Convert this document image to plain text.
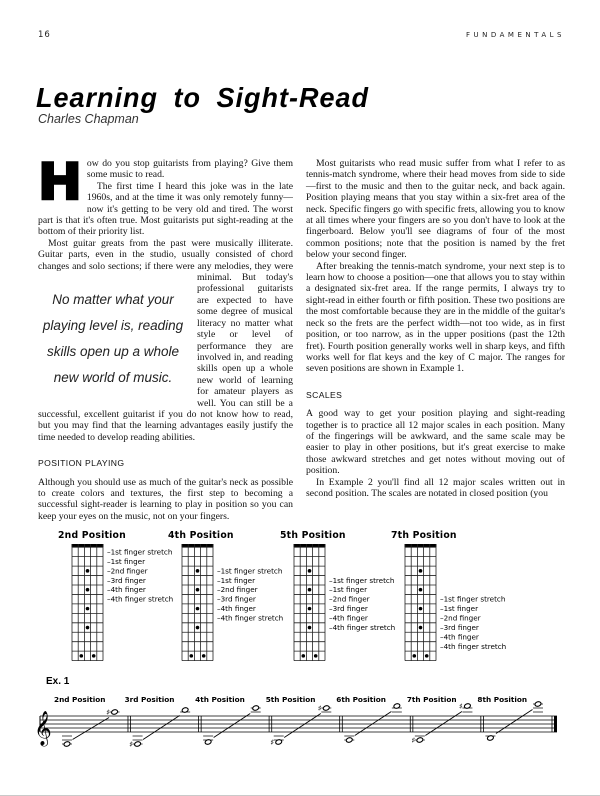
16	FUNDAMENTALS
Learning to Sight-Read
Charles Chapman

How do you stop guitarists from playing? Give them some music to read.

The first time I heard this joke was in the late 1960s, and at the time it was only remotely funny—now it's getting to be very old and tired. The worst part is that it's often true. Most guitarists put sight-reading at the bottom of their priority list.

Most guitar greats from the past were musically illiterate. Guitar parts, even in the studio, usually consisted of chord changes and solo sections; if there were any melodies, they
No matter what your
playing level is, reading
skills open up a whole
new world of music.
were minimal. But today's professional guitarists are expected to have some degree of musical literacy no matter what style or level of performance they are involved in, and reading skills open up a whole new world of learning for amateur players as well. You can still be a successful, excellent guitarist if you do not know how to read, but you may find that the learning advantages easily justify the time needed to develop reading abilities.

POSITION PLAYING

Although you should use as much of the guitar's neck as possible to create colors and textures, the first step to becoming a successful sight-reader is learning to play in position so you can keep your eyes on the music, not on your fingers.

Most guitarists who read music suffer from what I refer to as tennis-match syndrome, where their head moves from side to side—first to the music and then to the guitar neck, and back again. Position playing means that you stay within a six-fret area of the neck. Specific fingers go with specific frets, allowing you to know at all times where your fingers are so you don't have to look at the fingerboard. Below you'll see diagrams of four of the most common positions; note that the position is named by the fret below your second finger.

After breaking the tennis-match syndrome, your next step is to learn how to choose a position—one that allows you to stay within a designated six-fret area. If the range permits, I always try to sight-read in either fourth or fifth position. These two positions are the most comfortable because they are in the middle of the guitar's neck so the frets are the perfect width—not too wide, as in first position, or too narrow, as in the upper positions (past the 12th fret). Fourth position generally works well in sharp keys, and fifth works well for flat keys and the key of C major. The ranges for seven positions are shown in Example 1.

SCALES

A good way to get your position playing and sight-reading together is to practice all 12 major scales in each position. Many of the fingerings will be awkward, and the same scale may be easier to play in other positions, but it's great exercise to make those awkward stretches and get notes without moving out of position.

In Example 2 you'll find all 12 major scales written out in second position. The scales are notated in closed position (you

2nd Position
–1st finger stretch
–1st finger
–2nd finger
–3rd finger
–4th finger
–4th finger stretch
4th Position
–1st finger stretch
–1st finger
–2nd finger
–3rd finger
–4th finger
–4th finger stretch
5th Position
–1st finger stretch
–1st finger
–2nd finger
–3rd finger
–4th finger
–4th finger stretch
7th Position
–1st finger stretch
–1st finger
–2nd finger
–3rd finger
–4th finger
–4th finger stretch
Ex. 1
𝄞
2nd Position
♯
3rd Position
♯
4th Position	5th Position
♯
♯
6th Position	7th Position
♯
♯
8th Position
